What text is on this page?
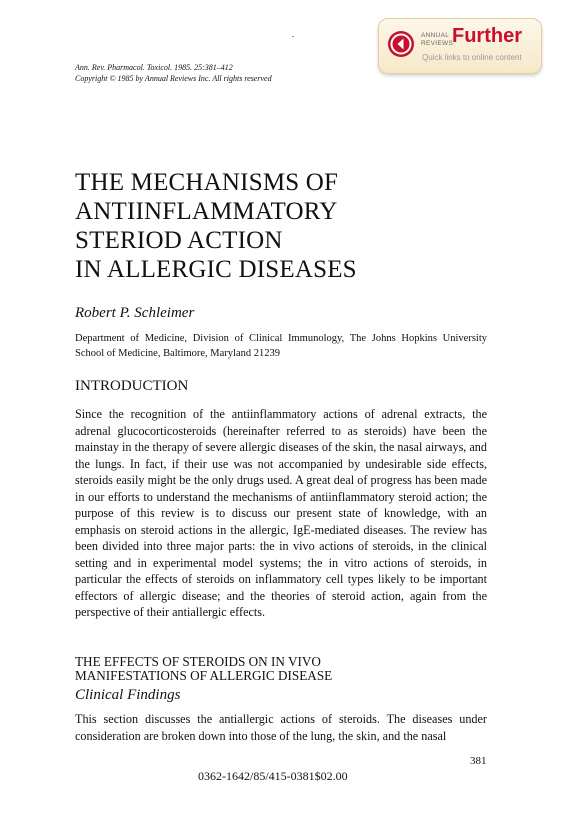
Ann. Rev. Pharmacol. Toxicol. 1985. 25:381–412
Copyright © 1985 by Annual Reviews Inc. All rights reserved
ANNUAL
REVIEWS
Further
Quick links to online content
THE MECHANISMS OF
ANTIINFLAMMATORY
STERIOD ACTION
IN ALLERGIC DISEASES
Robert P. Schleimer
Department of Medicine, Division of Clinical Immunology, The Johns Hopkins University School of Medicine, Baltimore, Maryland 21239
INTRODUCTION
Since the recognition of the antiinflammatory actions of adrenal extracts, the adrenal glucocorticosteroids (hereinafter referred to as steroids) have been the mainstay in the therapy of severe allergic diseases of the skin, the nasal airways, and the lungs. In fact, if their use was not accompanied by undesirable side effects, steroids easily might be the only drugs used. A great deal of progress has been made in our efforts to understand the mechanisms of antiinflammatory steroid action; the purpose of this review is to discuss our present state of knowledge, with an emphasis on steroid actions in the allergic, IgE-mediated diseases. The review has been divided into three major parts: the in vivo actions of steroids, in the clinical setting and in experimental model systems; the in vitro actions of steroids, in particular the effects of steroids on inflammatory cell types likely to be important effectors of allergic disease; and the theories of steroid action, again from the perspective of their antiallergic effects.
THE EFFECTS OF STEROIDS ON IN VIVO
MANIFESTATIONS OF ALLERGIC DISEASE
Clinical Findings
This section discusses the antiallergic actions of steroids. The diseases under consideration are broken down into those of the lung, the skin, and the nasal
381
0362-1642/85/415-0381$02.00
